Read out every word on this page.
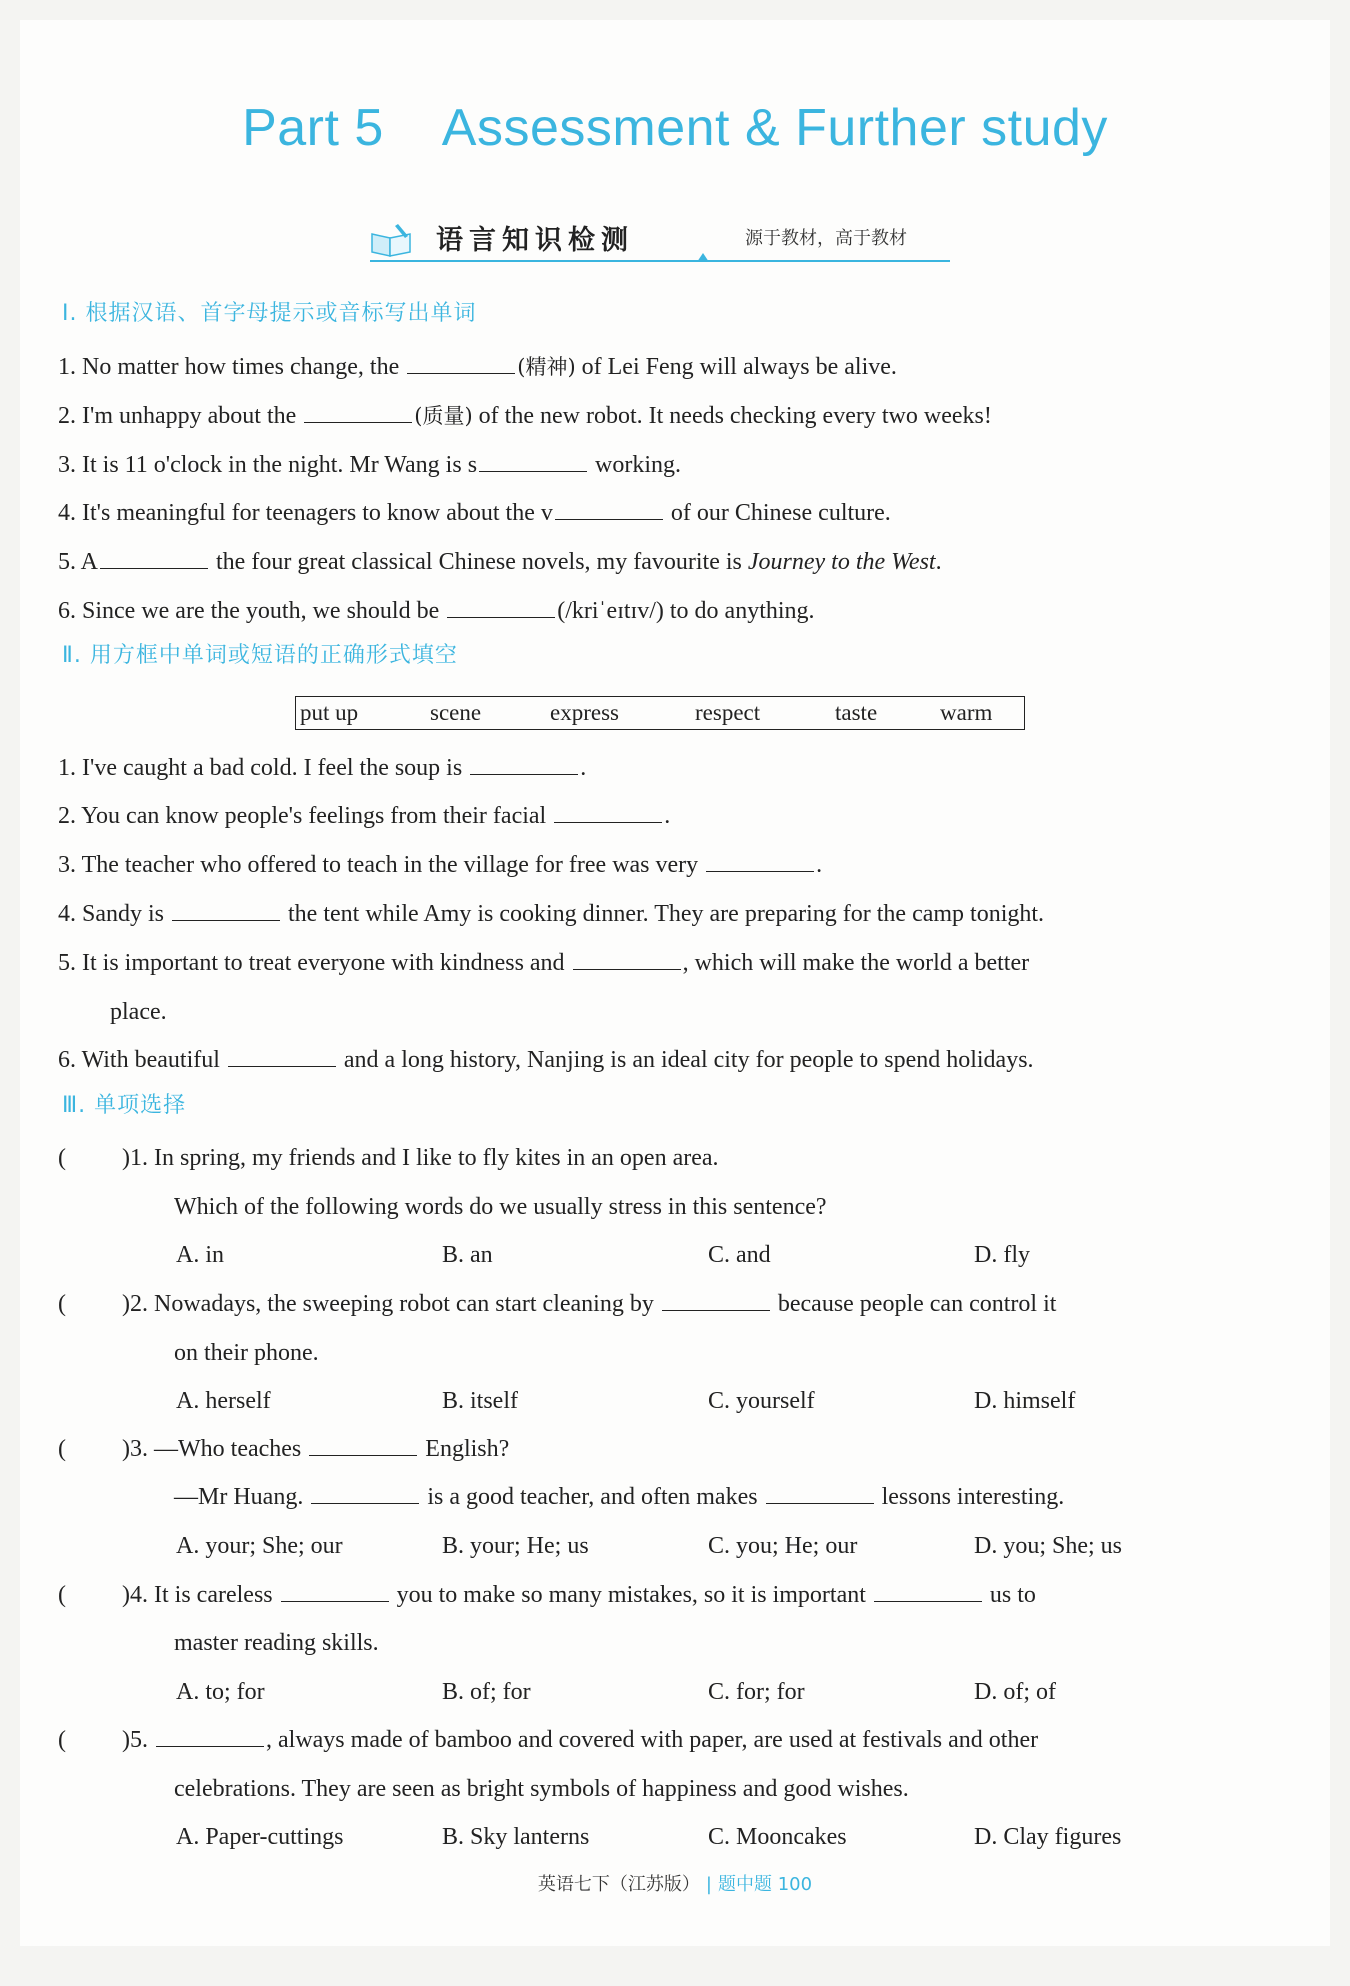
Part 5 Assessment & Further study
语言知识检测	源于教材，高于教材
Ⅰ. 根据汉语、首字母提示或音标写出单词
1. No matter how times change, the	(精神) of Lei Feng will always be alive.
2. I'm unhappy about the	(质量) of the new robot. It needs checking every two weeks!
3. It is 11 o'clock in the night. Mr Wang is s	working.
4. It's meaningful for teenagers to know about the v	of our Chinese culture.
5. A	the four great classical Chinese novels, my favourite is Journey to the West.
6. Since we are the youth, we should be	(/kriˈeɪtɪv/) to do anything.
Ⅱ. 用方框中单词或短语的正确形式填空
put up	scene	express	respect	taste	warm
1. I've caught a bad cold. I feel the soup is	.
2. You can know people's feelings from their facial	.
3. The teacher who offered to teach in the village for free was very	.
4. Sandy is	the tent while Amy is cooking dinner. They are preparing for the camp tonight.
5. It is important to treat everyone with kindness and	, which will make the world a better
place.
6. With beautiful	and a long history, Nanjing is an ideal city for people to spend holidays.
Ⅲ. 单项选择
( )1. In spring, my friends and I like to fly kites in an open area.
Which of the following words do we usually stress in this sentence?
A. in	B. an	C. and	D. fly
( )2. Nowadays, the sweeping robot can start cleaning by	because people can control it
on their phone.
A. herself	B. itself	C. yourself	D. himself
( )3. —Who teaches	English?
—Mr Huang.	is a good teacher, and often makes	lessons interesting.
A. your; She; our	B. your; He; us	C. you; He; our	D. you; She; us
( )4. It is careless	you to make so many mistakes, so it is important	us to
master reading skills.
A. to; for	B. of; for	C. for; for	D. of; of
( )5.	, always made of bamboo and covered with paper, are used at festivals and other
celebrations. They are seen as bright symbols of happiness and good wishes.
A. Paper-cuttings	B. Sky lanterns	C. Mooncakes	D. Clay figures
英语七下（江苏版） | 题中题 100
